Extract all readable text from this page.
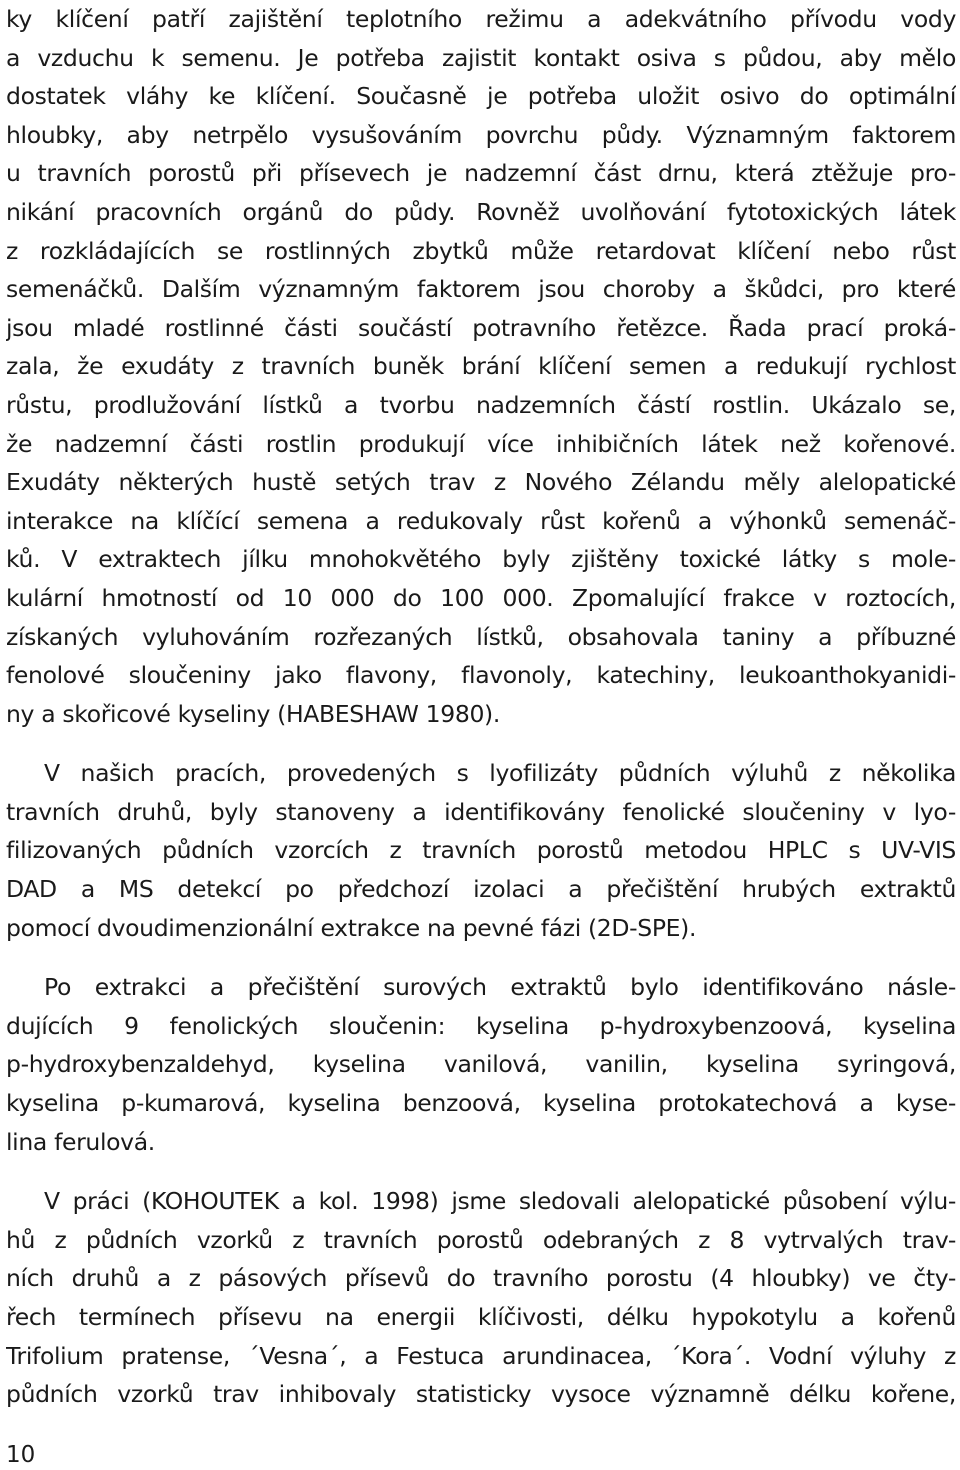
ky klíčení patří zajištění teplotního režimu a adekvátního přívodu vody
a vzduchu k semenu. Je potřeba zajistit kontakt osiva s půdou, aby mělo
dostatek vláhy ke klíčení. Současně je potřeba uložit osivo do optimální
hloubky, aby netrpělo vysušováním povrchu půdy. Významným faktorem
u travních porostů při přísevech je nadzemní část drnu, která ztěžuje pro-
nikání pracovních orgánů do půdy. Rovněž uvolňování fytotoxických látek
z rozkládajících se rostlinných zbytků může retardovat klíčení nebo růst
semenáčků. Dalším významným faktorem jsou choroby a škůdci, pro které
jsou mladé rostlinné části součástí potravního řetězce. Řada prací proká-
zala, že exudáty z travních buněk brání klíčení semen a redukují rychlost
růstu, prodlužování lístků a tvorbu nadzemních částí rostlin. Ukázalo se,
že nadzemní části rostlin produkují více inhibičních látek než kořenové.
Exudáty některých hustě setých trav z Nového Zélandu měly alelopatické
interakce na klíčící semena a redukovaly růst kořenů a výhonků semenáč-
ků. V extraktech jílku mnohokvětého byly zjištěny toxické látky s mole-
kulární hmotností od 10 000 do 100 000. Zpomalující frakce v roztocích,
získaných vyluhováním rozřezaných lístků, obsahovala taniny a příbuzné
fenolové sloučeniny jako flavony, flavonoly, katechiny, leukoanthokyanidi-
ny a skořicové kyseliny (HABESHAW 1980).
V našich pracích, provedených s lyofilizáty půdních výluhů z několika
travních druhů, byly stanoveny a identifikovány fenolické sloučeniny v lyo-
filizovaných půdních vzorcích z travních porostů metodou HPLC s UV-VIS
DAD a MS detekcí po předchozí izolaci a přečištění hrubých extraktů
pomocí dvoudimenzionální extrakce na pevné fázi (2D-SPE).
Po extrakci a přečištění surových extraktů bylo identifikováno násle-
dujících 9 fenolických sloučenin: kyselina p-hydroxybenzoová, kyselina
p-hydroxybenzaldehyd, kyselina vanilová, vanilin, kyselina syringová,
kyselina p-kumarová, kyselina benzoová, kyselina protokatechová a kyse-
lina ferulová.
V práci (KOHOUTEK a kol. 1998) jsme sledovali alelopatické působení výlu-
hů z půdních vzorků z travních porostů odebraných z 8 vytrvalých trav-
ních druhů a z pásových přísevů do travního porostu (4 hloubky) ve čty-
řech termínech přísevu na energii klíčivosti, délku hypokotylu a kořenů
Trifolium pratense, ´Vesna´, a Festuca arundinacea, ´Kora´. Vodní výluhy z
půdních vzorků trav inhibovaly statisticky vysoce významně délku kořene,
10
